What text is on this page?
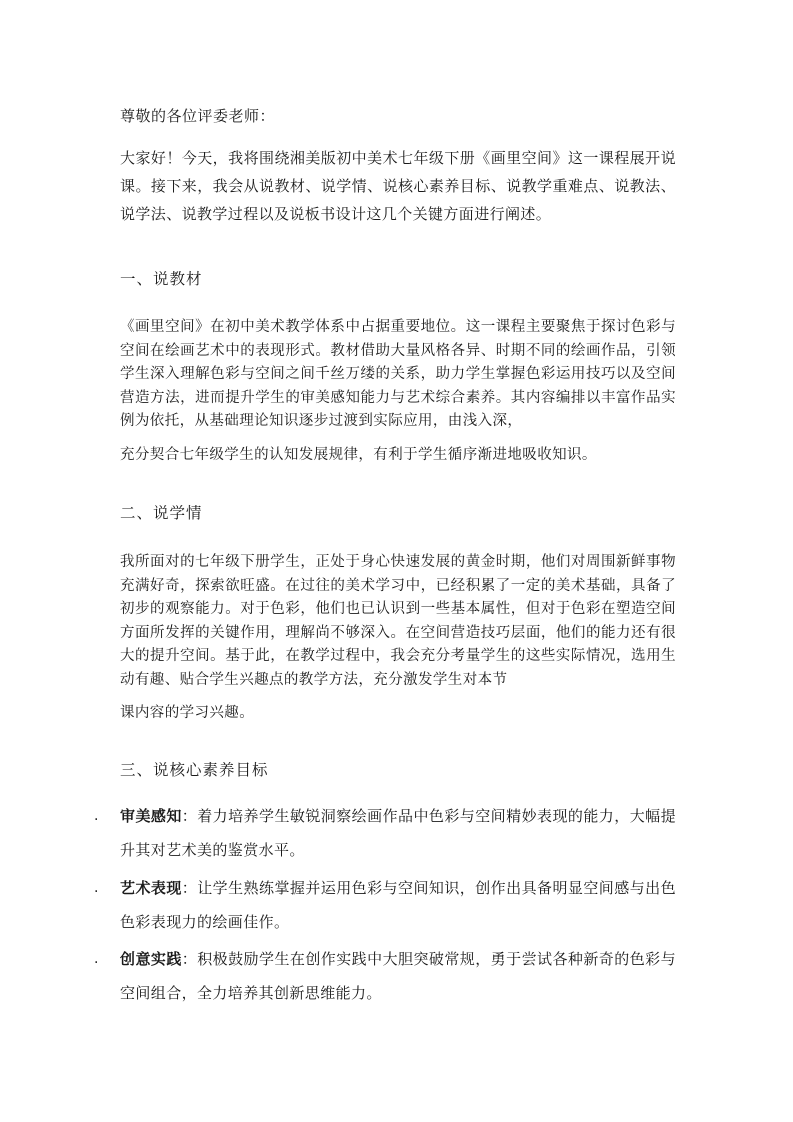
尊敬的各位评委老师：

大家好！今天，我将围绕湘美版初中美术七年级下册《画里空间》这一课程展开说课。接下来，我会从说教材、说学情、说核心素养目标、说教学重难点、说教法、说学法、说教学过程以及说板书设计这几个关键方面进行阐述。

一、说教材

《画里空间》在初中美术教学体系中占据重要地位。这一课程主要聚焦于探讨色彩与空间在绘画艺术中的表现形式。教材借助大量风格各异、时期不同的绘画作品，引领学生深入理解色彩与空间之间千丝万缕的关系，助力学生掌握色彩运用技巧以及空间营造方法，进而提升学生的审美感知能力与艺术综合素养。其内容编排以丰富作品实例为依托，从基础理论知识逐步过渡到实际应用，由浅入深，
充分契合七年级学生的认知发展规律，有利于学生循序渐进地吸收知识。

二、说学情

我所面对的七年级下册学生，正处于身心快速发展的黄金时期，他们对周围新鲜事物充满好奇，探索欲旺盛。在过往的美术学习中，已经积累了一定的美术基础，具备了初步的观察能力。对于色彩，他们也已认识到一些基本属性，但对于色彩在塑造空间方面所发挥的关键作用，理解尚不够深入。在空间营造技巧层面，他们的能力还有很大的提升空间。基于此，在教学过程中，我会充分考量学生的这些实际情况，选用生动有趣、贴合学生兴趣点的教学方法，充分激发学生对本节
课内容的学习兴趣。

三、说核心素养目标
.	审美感知：着力培养学生敏锐洞察绘画作品中色彩与空间精妙表现的能力，大幅提升其对艺术美的鉴赏水平。
.	艺术表现：让学生熟练掌握并运用色彩与空间知识，创作出具备明显空间感与出色色彩表现力的绘画佳作。
.	创意实践：积极鼓励学生在创作实践中大胆突破常规，勇于尝试各种新奇的色彩与空间组合，全力培养其创新思维能力。
